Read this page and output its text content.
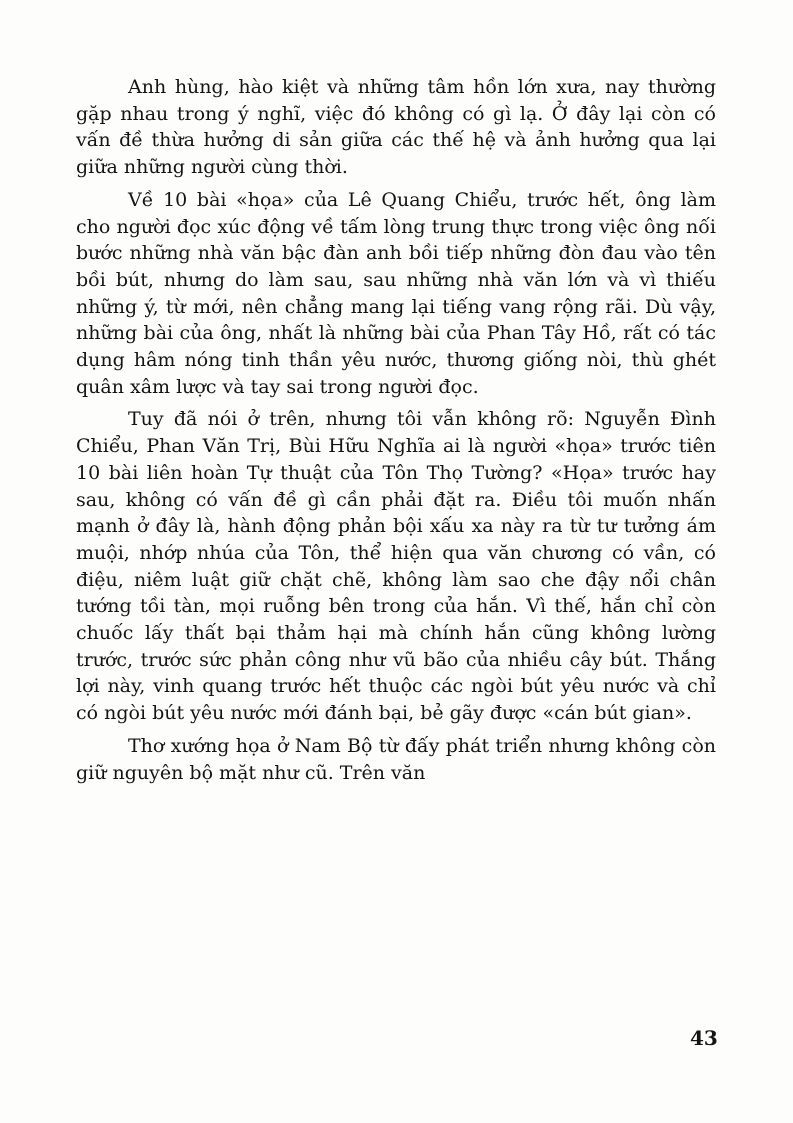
Anh hùng, hào kiệt và những tâm hồn lớn xưa, nay thường gặp nhau trong ý nghĩ, việc đó không có gì lạ. Ở đây lại còn có vấn đề thừa hưởng di sản giữa các thế hệ và ảnh hưởng qua lại giữa những người cùng thời.

Về 10 bài «họa» của Lê Quang Chiểu, trước hết, ông làm cho người đọc xúc động về tấm lòng trung thực trong việc ông nối bước những nhà văn bậc đàn anh bồi tiếp những đòn đau vào tên bồi bút, nhưng do làm sau, sau những nhà văn lớn và vì thiếu những ý, từ mới, nên chẳng mang lại tiếng vang rộng rãi. Dù vậy, những bài của ông, nhất là những bài của Phan Tây Hồ, rất có tác dụng hâm nóng tinh thần yêu nước, thương giống nòi, thù ghét quân xâm lược và tay sai trong người đọc.

Tuy đã nói ở trên, nhưng tôi vẫn không rõ: Nguyễn Đình Chiểu, Phan Văn Trị, Bùi Hữu Nghĩa ai là người «họa» trước tiên 10 bài liên hoàn Tự thuật của Tôn Thọ Tường? «Họa» trước hay sau, không có vấn đề gì cần phải đặt ra. Điều tôi muốn nhấn mạnh ở đây là, hành động phản bội xấu xa này ra từ tư tưởng ám muội, nhớp nhúa của Tôn, thể hiện qua văn chương có vần, có điệu, niêm luật giữ chặt chẽ, không làm sao che đậy nổi chân tướng tồi tàn, mọi ruỗng bên trong của hắn. Vì thế, hắn chỉ còn chuốc lấy thất bại thảm hại mà chính hắn cũng không lường trước, trước sức phản công như vũ bão của nhiều cây bút. Thắng lợi này, vinh quang trước hết thuộc các ngòi bút yêu nước và chỉ có ngòi bút yêu nước mới đánh bại, bẻ gãy được «cán bút gian».

Thơ xướng họa ở Nam Bộ từ đấy phát triển nhưng không còn giữ nguyên bộ mặt như cũ. Trên văn

43
